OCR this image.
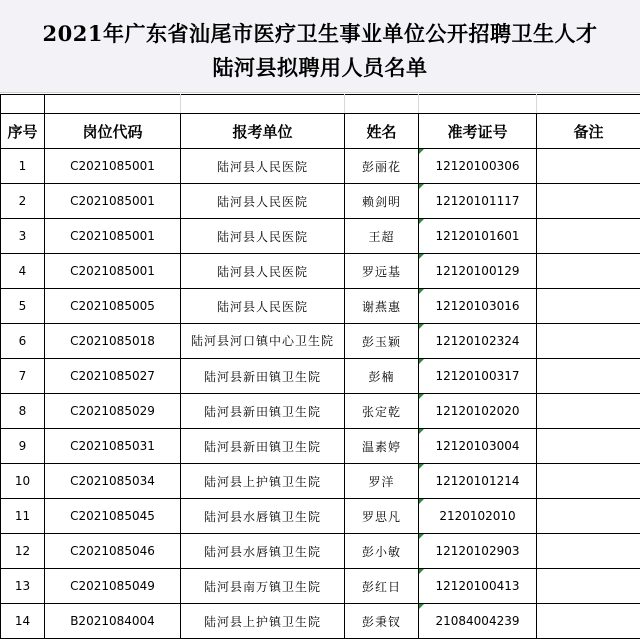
2021年广东省汕尾市医疗卫生事业单位公开招聘卫生人才
陆河县拟聘用人员名单

序号	岗位代码	报考单位	姓名	准考证号	备注
1	C2021085001	陆河县人民医院	彭丽花	12120100306	
2	C2021085001	陆河县人民医院	赖剑明	12120101117	
3	C2021085001	陆河县人民医院	王超	12120101601	
4	C2021085001	陆河县人民医院	罗远基	12120100129	
5	C2021085005	陆河县人民医院	谢燕惠	12120103016	
6	C2021085018	陆河县河口镇中心卫生院	彭玉颖	12120102324	
7	C2021085027	陆河县新田镇卫生院	彭楠	12120100317	
8	C2021085029	陆河县新田镇卫生院	张定乾	12120102020	
9	C2021085031	陆河县新田镇卫生院	温素婷	12120103004	
10	C2021085034	陆河县上护镇卫生院	罗洋	12120101214	
11	C2021085045	陆河县水唇镇卫生院	罗思凡	2120102010	
12	C2021085046	陆河县水唇镇卫生院	彭小敏	12120102903	
13	C2021085049	陆河县南万镇卫生院	彭红日	12120100413	
14	B2021084004	陆河县上护镇卫生院	彭秉钗	21084004239	
